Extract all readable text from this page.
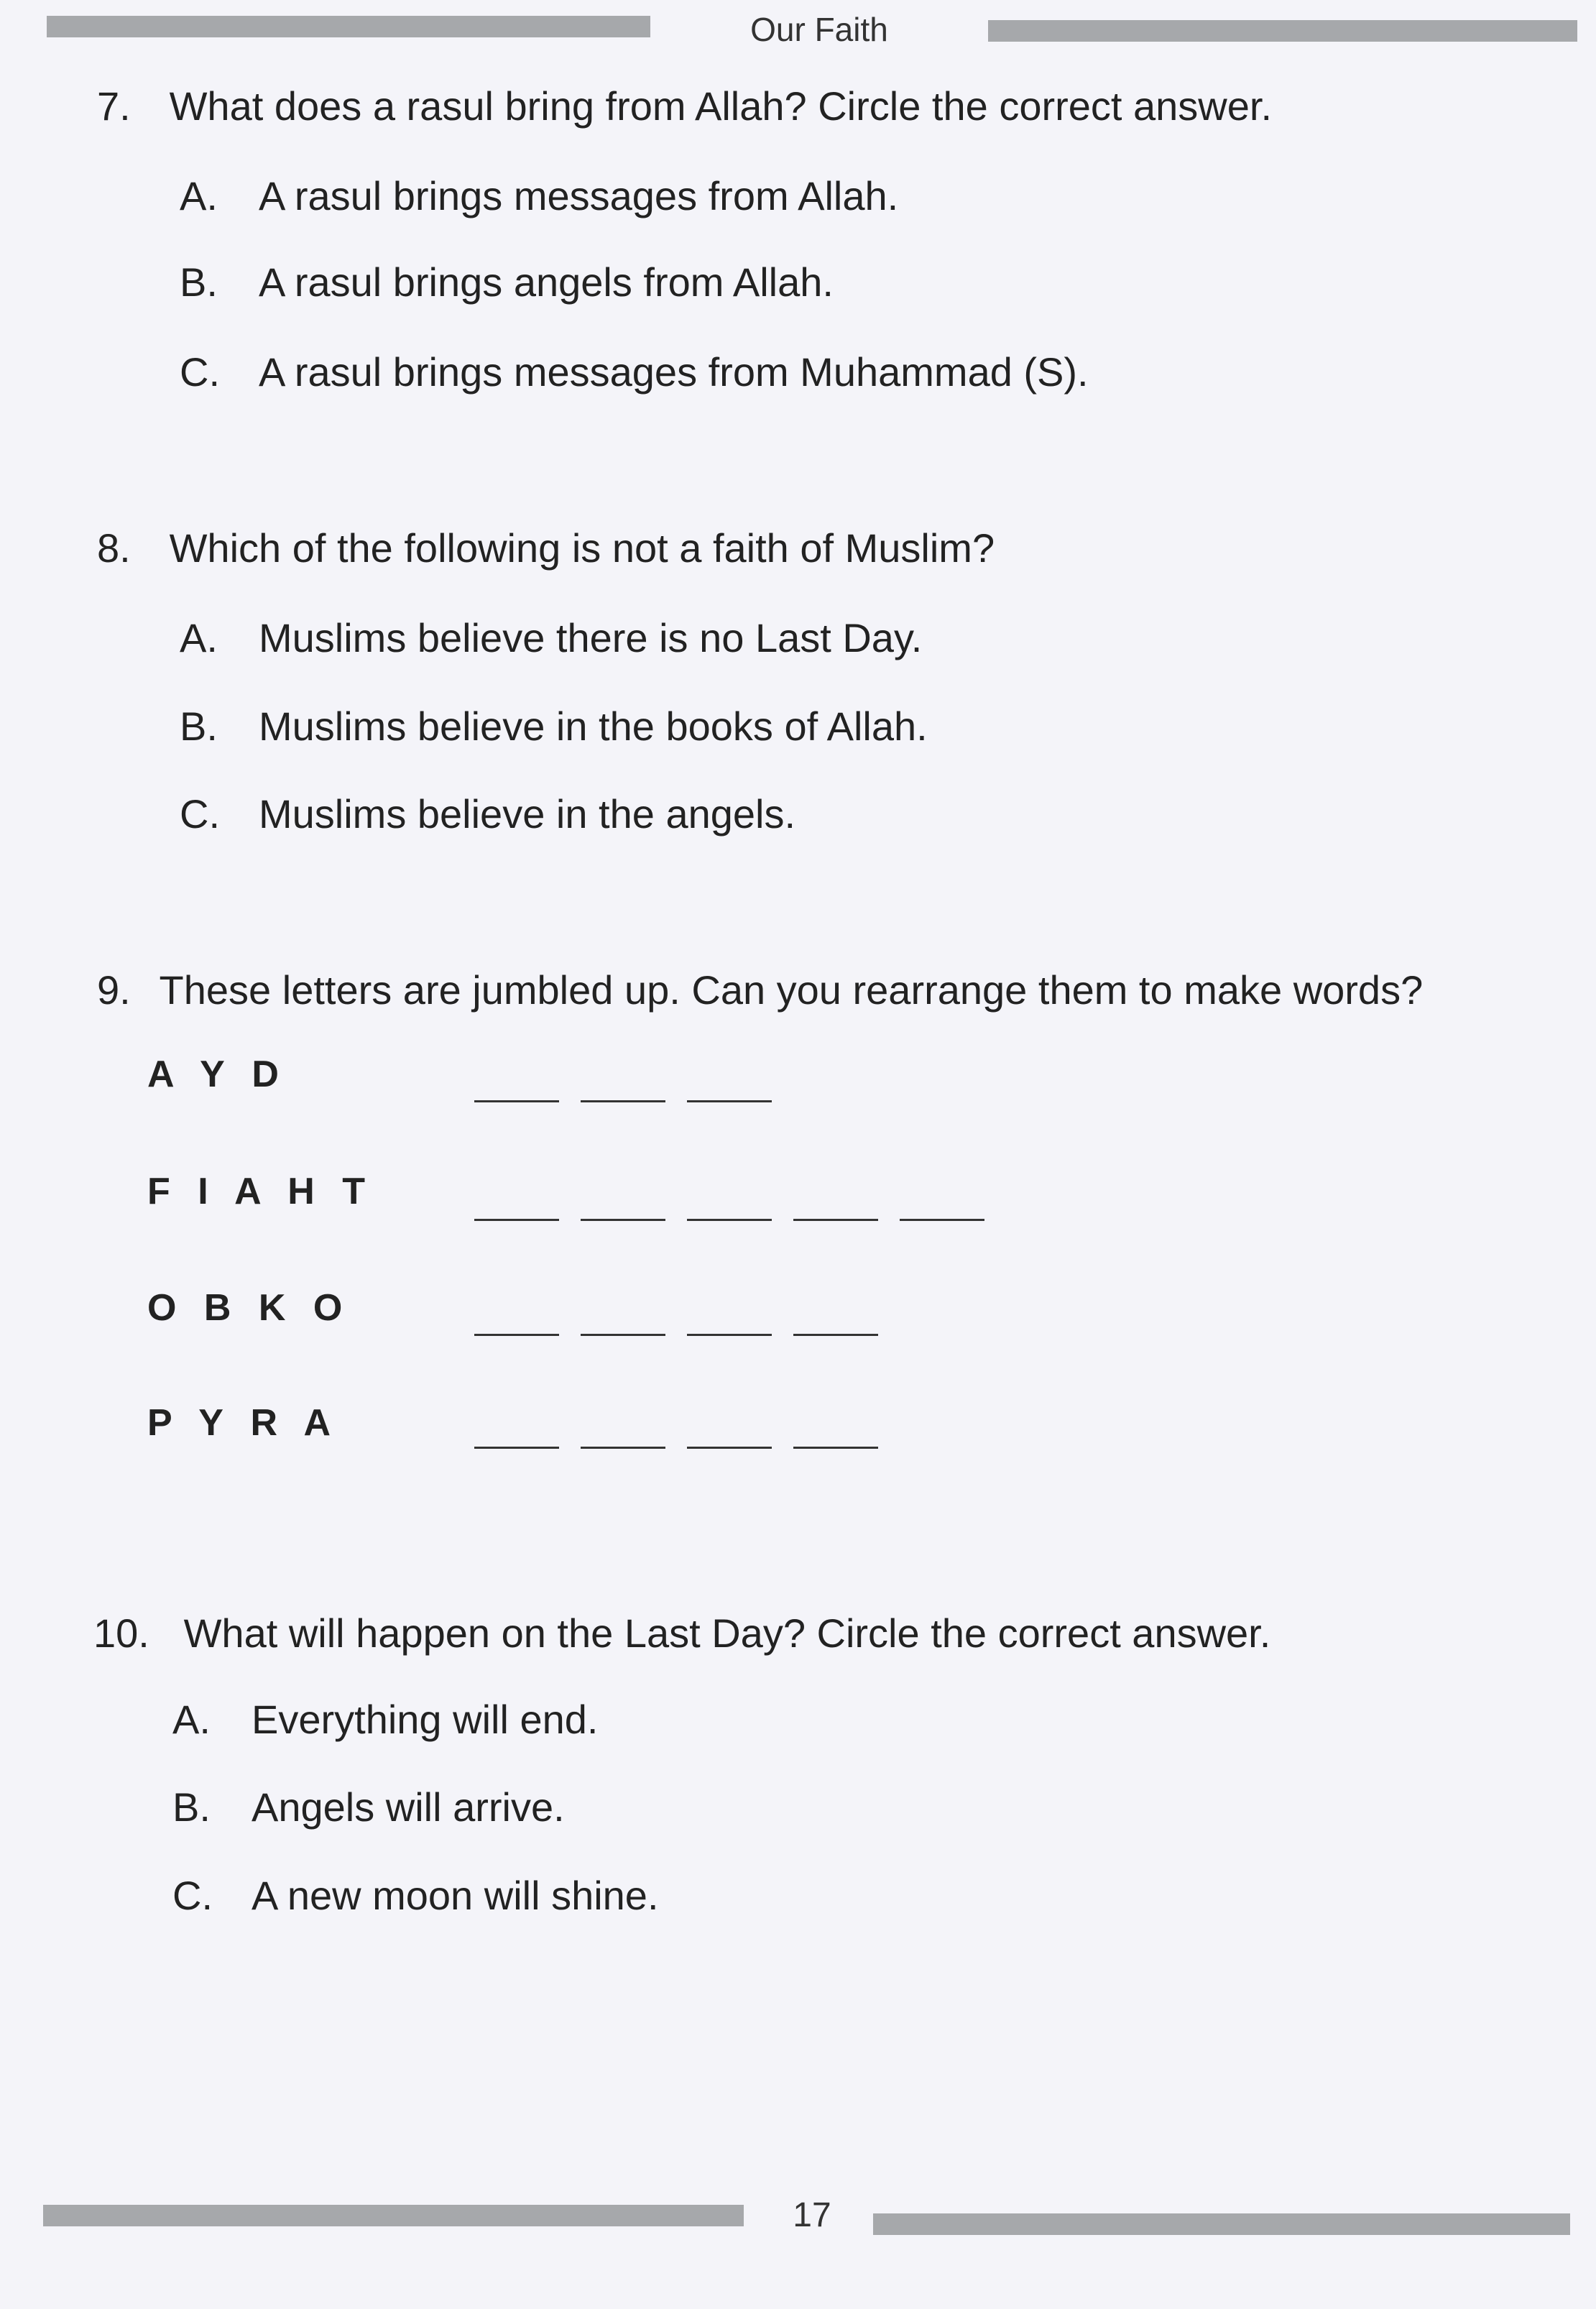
Our Faith
7. What does a rasul bring from Allah? Circle the correct answer.
A. A rasul brings messages from Allah.
B. A rasul brings angels from Allah.
C. A rasul brings messages from Muhammad (S).
8. Which of the following is not a faith of Muslim?
A. Muslims believe there is no Last Day.
B. Muslims believe in the books of Allah.
C. Muslims believe in the angels.
9. These letters are jumbled up. Can you rearrange them to make words?
A Y D
F I A H T
O B K O
P Y R A
10. What will happen on the Last Day? Circle the correct answer.
A. Everything will end.
B. Angels will arrive.
C. A new moon will shine.
17
